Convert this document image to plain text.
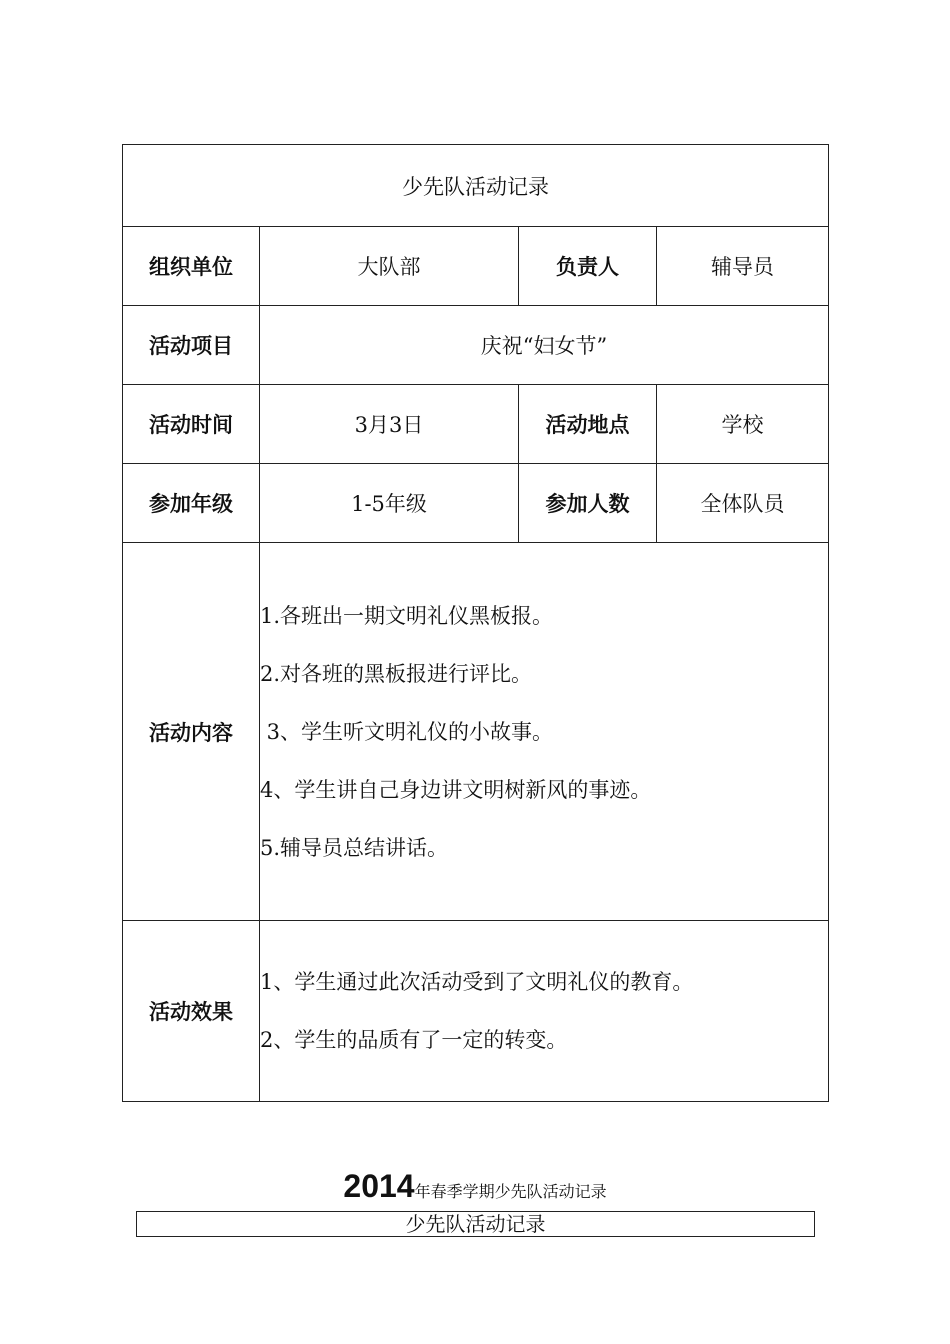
少先队活动记录			
组织单位	大队部	负责人	辅导员
活动项目	庆祝“妇女节”		
活动时间	3月3日	活动地点	学校
参加年级	1-5年级	参加人数	全体队员
活动内容	1.各班出一期文明礼仪黑板报。
2.对各班的黑板报进行评比。
3、学生听文明礼仪的小故事。
4、学生讲自己身边讲文明树新风的事迹。
5.辅导员总结讲话。		

活动效果	1、学生通过此次活动受到了文明礼仪的教育。
2、学生的品质有了一定的转变。		
2014年春季学期少先队活动记录
少先队活动记录
